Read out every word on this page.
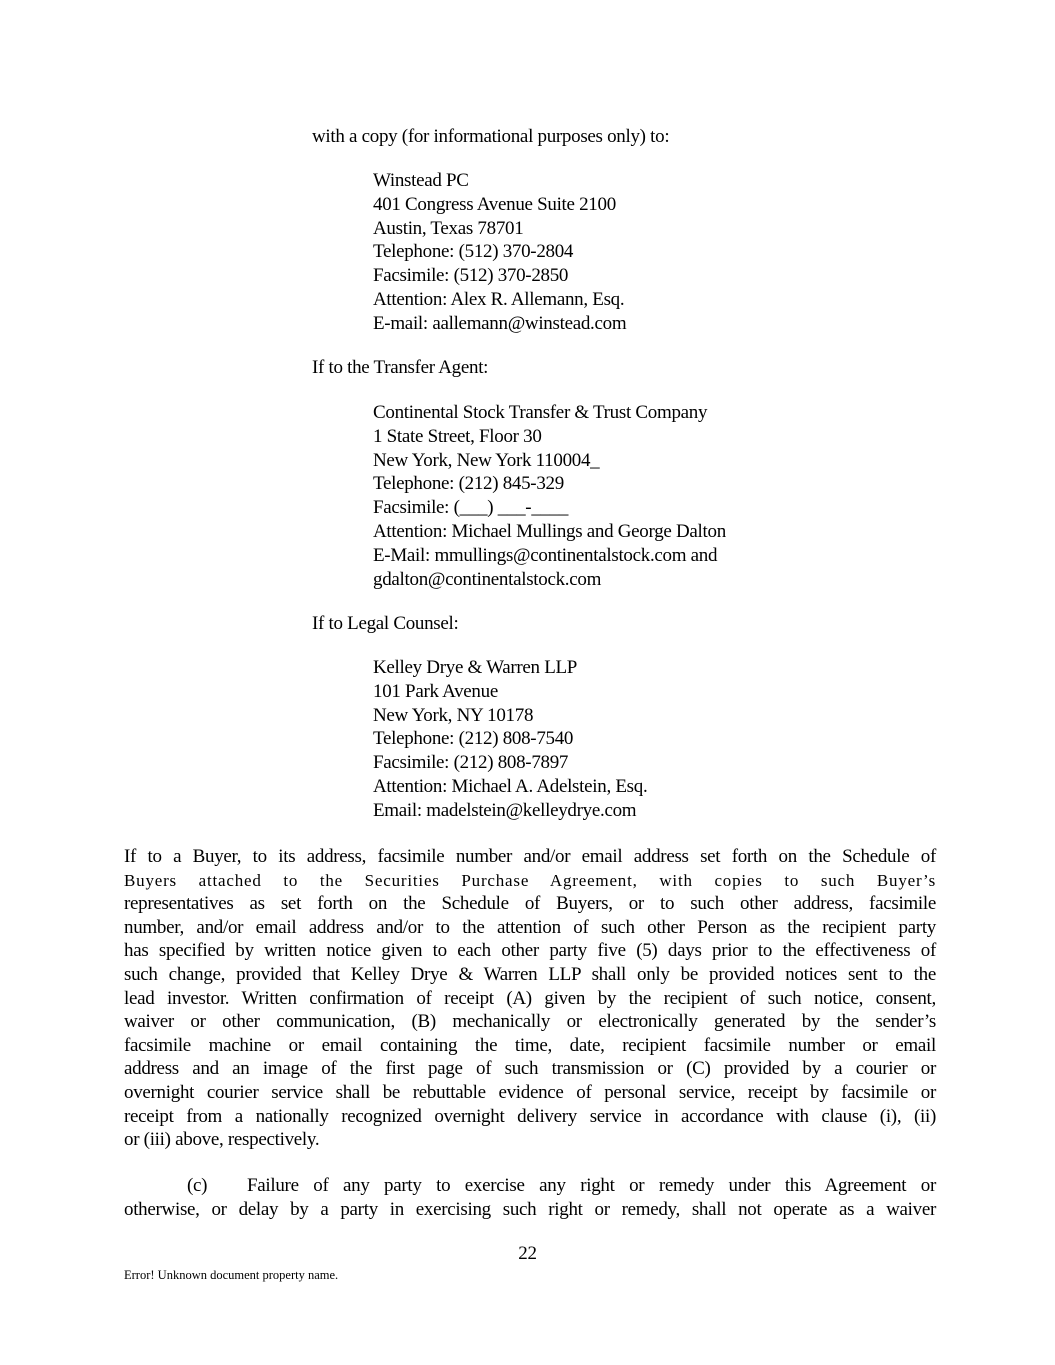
with a copy (for informational purposes only) to:
Winstead PC
401 Congress Avenue Suite 2100
Austin, Texas 78701
Telephone: (512) 370-2804
Facsimile: (512) 370-2850
Attention: Alex R. Allemann, Esq.
E-mail: aallemann@winstead.com
If to the Transfer Agent:
Continental Stock Transfer & Trust Company
1 State Street, Floor 30
New York, New York 110004_
Telephone: (212) 845-329
Facsimile: (___) ___-____
Attention: Michael Mullings and George Dalton
E-Mail: mmullings@continentalstock.com and
gdalton@continentalstock.com
If to Legal Counsel:
Kelley Drye & Warren LLP
101 Park Avenue
New York, NY 10178
Telephone: (212) 808-7540
Facsimile: (212) 808-7897
Attention: Michael A. Adelstein, Esq.
Email: madelstein@kelleydrye.com
If to a Buyer, to its address, facsimile number and/or email address set forth on the Schedule of
Buyers attached to the Securities Purchase Agreement, with copies to such Buyer’s
representatives as set forth on the Schedule of Buyers, or to such other address, facsimile
number, and/or email address and/or to the attention of such other Person as the recipient party
has specified by written notice given to each other party five (5) days prior to the effectiveness of
such change, provided that Kelley Drye & Warren LLP shall only be provided notices sent to the
lead investor. Written confirmation of receipt (A) given by the recipient of such notice, consent,
waiver or other communication, (B) mechanically or electronically generated by the sender’s
facsimile machine or email containing the time, date, recipient facsimile number or email
address and an image of the first page of such transmission or (C) provided by a courier or
overnight courier service shall be rebuttable evidence of personal service, receipt by facsimile or
receipt from a nationally recognized overnight delivery service in accordance with clause (i), (ii)
or (iii) above, respectively.
(c) Failure of any party to exercise any right or remedy under this Agreement or
otherwise, or delay by a party in exercising such right or remedy, shall not operate as a waiver
22
Error! Unknown document property name.
